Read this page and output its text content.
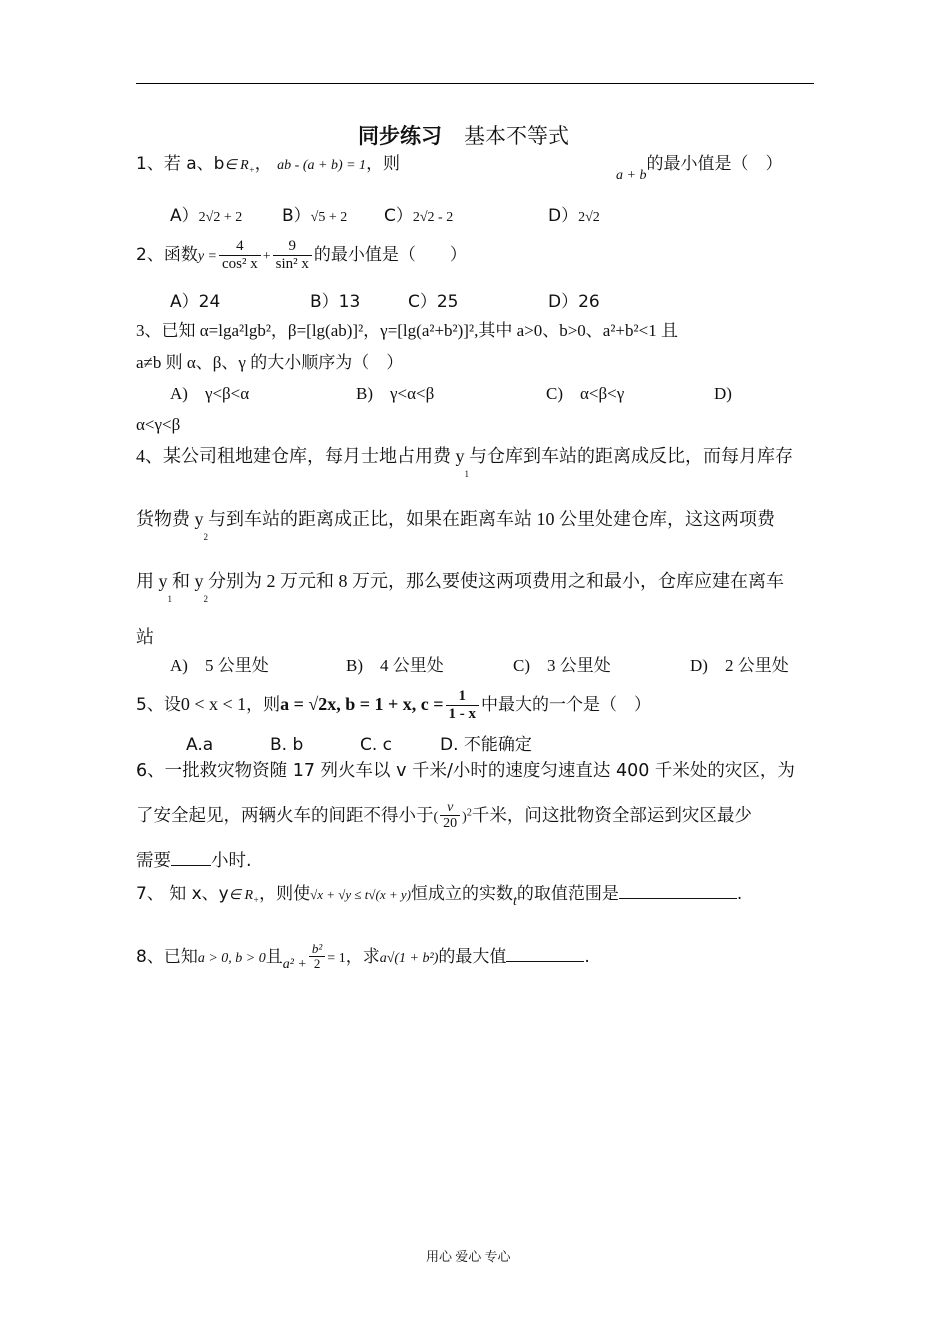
同步练习 基本不等式
1、若 a、b∈ $R_+$， ab - (a + b) = 1，则
$_{a + b}$的最小值是（　）
A）2√2 + 2 B）√5 + 2 C）2√2 - 2	D）2√2
2、函数$y = \frac{4}{\text{cos² x}} + \frac{9}{\text{sin² x}}$ 的最小值是（　　）
A）24	B）13	C）25	D）26
3、已知 α=lga²lgb²，β=[lg(ab)]²，γ=[lg(a²+b²)]²,其中 a>0、b>0、a²+b²<1 且
a≠b 则 α、β、γ 的大小顺序为（　）
A)　γ<β<α	B)　γ<α<β	C)　α<β<γ	D)
α<γ<β
4、某公司租地建仓库，每月士地占用费 $y_1$与仓库到车站的距离成反比，而每月库存
货物费 $y_2$与到车站的距离成正比，如果在距离车站 10 公里处建仓库，这这两项费
用 $y_1$和 $y_2$分别为 2 万元和 8 万元，那么要使这两项费用之和最小，仓库应建在离车
站
A)　5 公里处	B)　4 公里处	C)　3 公里处	D)　2 公里处
5、设0 < x < 1，则a = √2x, b = 1 + x, $c = \frac{1}{1 - x}$ 中最大的一个是（　）
A.a	B. b	C. c	D. 不能确定
6、一批救灾物资随 17 列火车以 v 千米/小时的速度匀速直达 400 千米处的灾区，为
了安全起见，两辆火车的间距不得小于( $\frac{v}{20} )^2$千米，问这批物资全部运到灾区最少
需要 小时.
7、 知 x、y∈ $R_+$，则使√x + √y ≤ t√(x + y)恒成立的实数$_t$的取值范围是	.
8、已知a > 0, b > 0且$_{a^2 +} \frac{\text{b²}}{2} = 1$，求a√(1 + b²)的最大值	.
用心 爱心 专心
